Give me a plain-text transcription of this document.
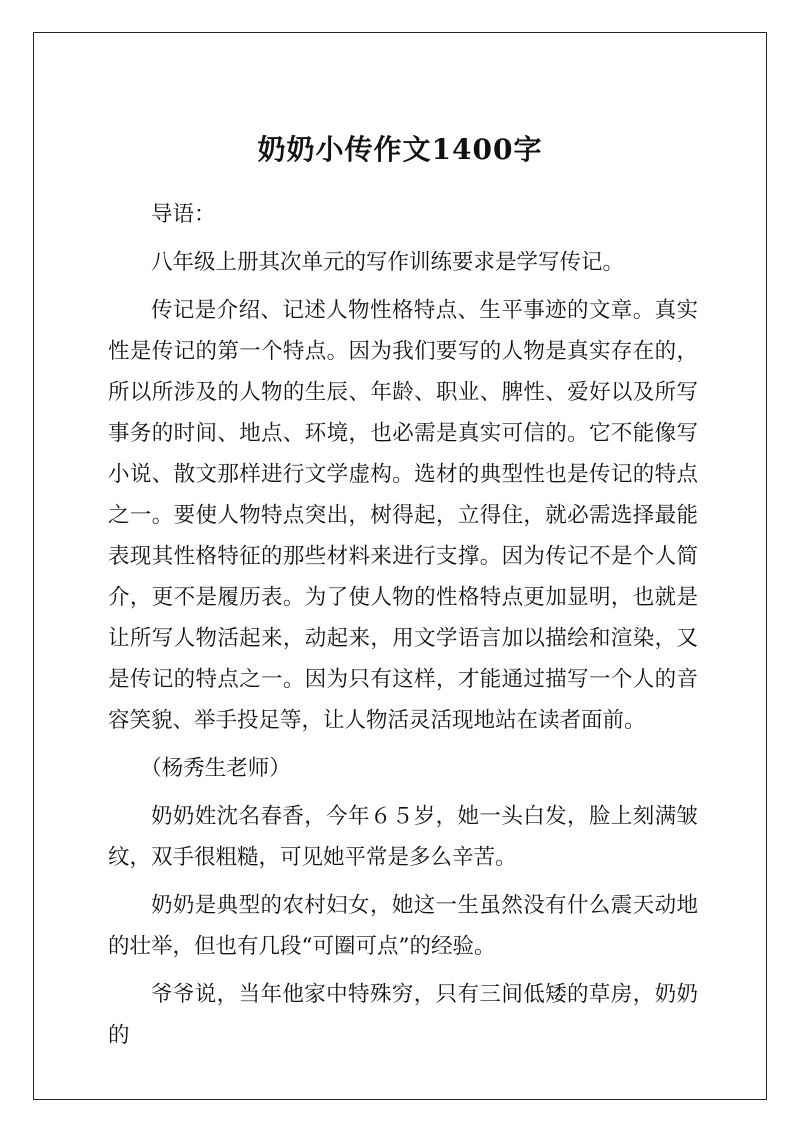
奶奶小传作文1400字

导语：

八年级上册其次单元的写作训练要求是学写传记。

传记是介绍、记述人物性格特点、生平事迹的文章。真实性是传记的第一个特点。因为我们要写的人物是真实存在的，所以所涉及的人物的生辰、年龄、职业、脾性、爱好以及所写事务的时间、地点、环境，也必需是真实可信的。它不能像写小说、散文那样进行文学虚构。选材的典型性也是传记的特点之一。要使人物特点突出，树得起，立得住，就必需选择最能表现其性格特征的那些材料来进行支撑。因为传记不是个人简介，更不是履历表。为了使人物的性格特点更加显明，也就是让所写人物活起来，动起来，用文学语言加以描绘和渲染，又是传记的特点之一。因为只有这样，才能通过描写一个人的音容笑貌、举手投足等，让人物活灵活现地站在读者面前。

（杨秀生老师）

奶奶姓沈名春香，今年６５岁，她一头白发，脸上刻满皱纹，双手很粗糙，可见她平常是多么辛苦。

奶奶是典型的农村妇女，她这一生虽然没有什么震天动地的壮举，但也有几段“可圈可点”的经验。

爷爷说，当年他家中特殊穷，只有三间低矮的草房，奶奶的
